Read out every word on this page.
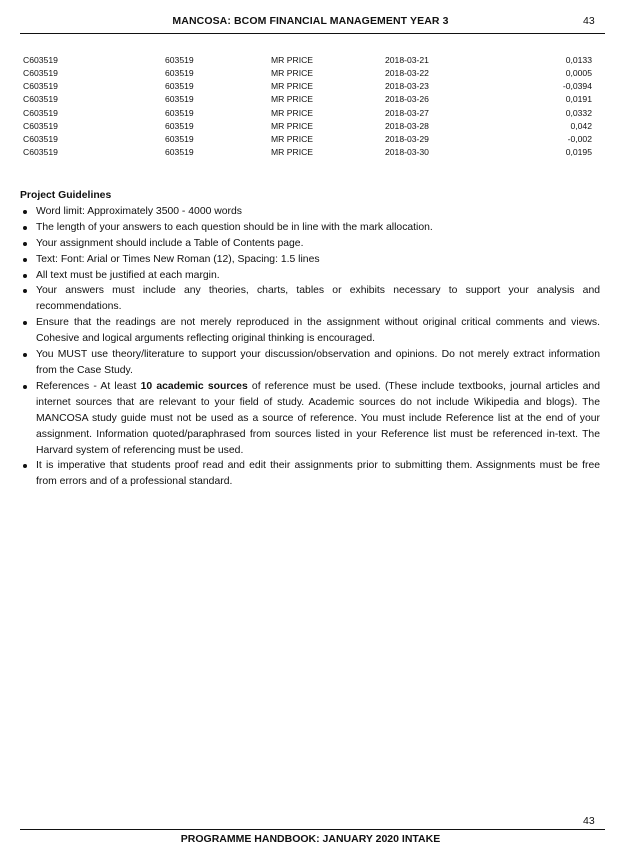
MANCOSA: BCOM FINANCIAL MANAGEMENT YEAR 3	43
C603519	603519	MR PRICE	2018-03-21	0,0133
C603519	603519	MR PRICE	2018-03-22	0,0005
C603519	603519	MR PRICE	2018-03-23	-0,0394
C603519	603519	MR PRICE	2018-03-26	0,0191
C603519	603519	MR PRICE	2018-03-27	0,0332
C603519	603519	MR PRICE	2018-03-28	0,042
C603519	603519	MR PRICE	2018-03-29	-0,002
C603519	603519	MR PRICE	2018-03-30	0,0195
Project Guidelines
Word limit: Approximately 3500 - 4000 words
The length of your answers to each question should be in line with the mark allocation.
Your assignment should include a Table of Contents page.
Text: Font: Arial or Times New Roman (12), Spacing: 1.5 lines
All text must be justified at each margin.
Your answers must include any theories, charts, tables or exhibits necessary to support your analysis and recommendations.
Ensure that the readings are not merely reproduced in the assignment without original critical comments and views. Cohesive and logical arguments reflecting original thinking is encouraged.
You MUST use theory/literature to support your discussion/observation and opinions. Do not merely extract information from the Case Study.
References - At least 10 academic sources of reference must be used. (These include textbooks, journal articles and internet sources that are relevant to your field of study. Academic sources do not include Wikipedia and blogs). The MANCOSA study guide must not be used as a source of reference. You must include Reference list at the end of your assignment. Information quoted/paraphrased from sources listed in your Reference list must be referenced in-text. The Harvard system of referencing must be used.
It is imperative that students proof read and edit their assignments prior to submitting them. Assignments must be free from errors and of a professional standard.
43
PROGRAMME HANDBOOK: JANUARY 2020 INTAKE
